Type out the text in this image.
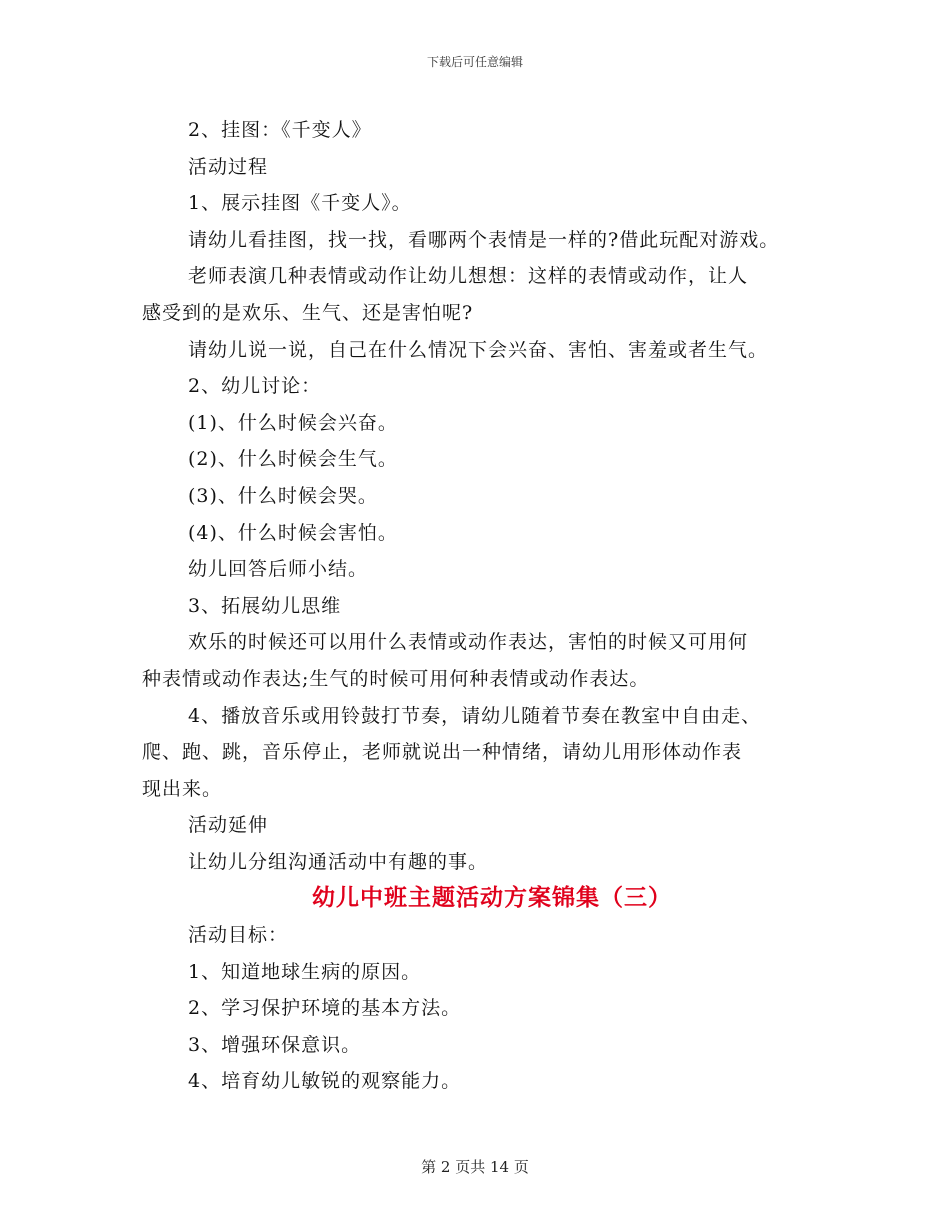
下载后可任意编辑
2、挂图：《千变人》
活动过程
1、展示挂图《千变人》。
请幼儿看挂图，找一找，看哪两个表情是一样的?借此玩配对游戏。
老师表演几种表情或动作让幼儿想想：这样的表情或动作，让人
感受到的是欢乐、生气、还是害怕呢?
请幼儿说一说，自己在什么情况下会兴奋、害怕、害羞或者生气。
2、幼儿讨论：
(1)、什么时候会兴奋。
(2)、什么时候会生气。
(3)、什么时候会哭。
(4)、什么时候会害怕。
幼儿回答后师小结。
3、拓展幼儿思维
欢乐的时候还可以用什么表情或动作表达，害怕的时候又可用何
种表情或动作表达;生气的时候可用何种表情或动作表达。
4、播放音乐或用铃鼓打节奏，请幼儿随着节奏在教室中自由走、
爬、跑、跳，音乐停止，老师就说出一种情绪，请幼儿用形体动作表
现出来。
活动延伸
让幼儿分组沟通活动中有趣的事。
幼儿中班主题活动方案锦集（三）
活动目标：
1、知道地球生病的原因。
2、学习保护环境的基本方法。
3、增强环保意识。
4、培育幼儿敏锐的观察能力。
第 2 页共 14 页
